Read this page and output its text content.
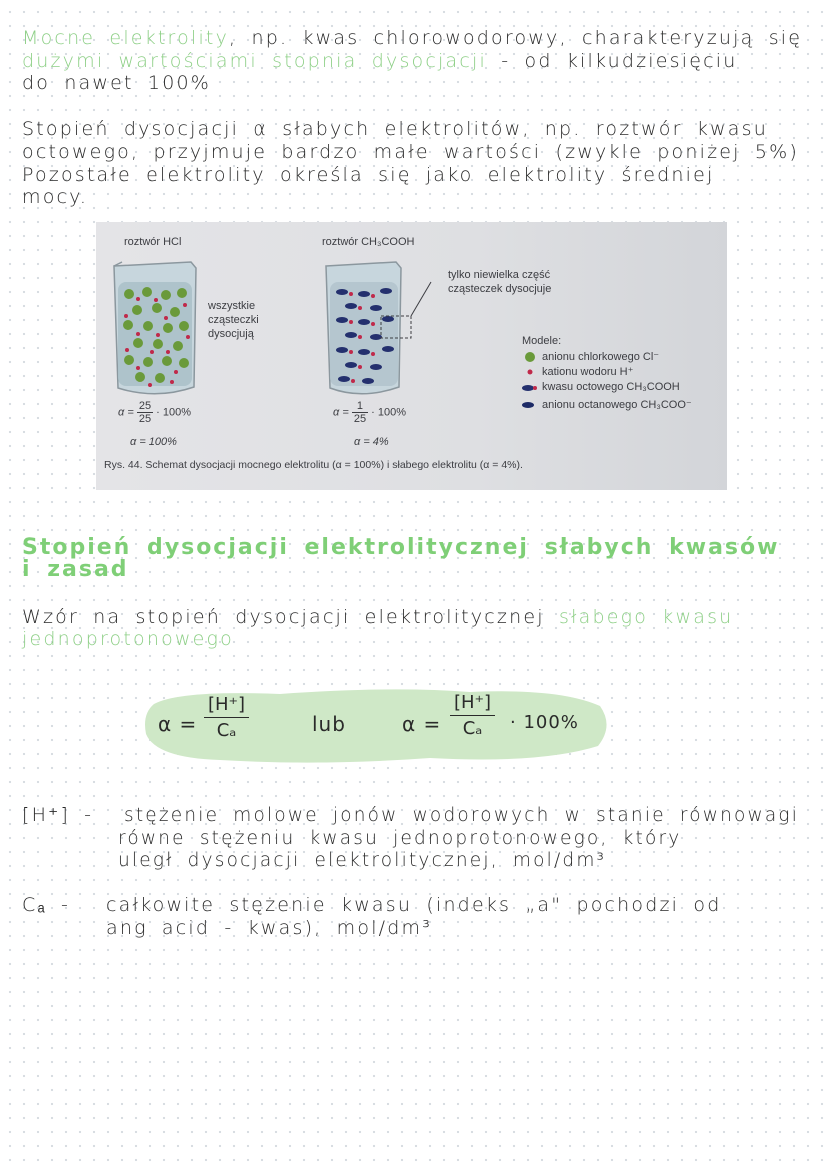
Mocne elektrolity, np. kwas chlorowodorowy, charakteryzują się

dużymi wartościami stopnia dysocjacji - od kilkudziesięciu

do nawet 100%

Stopień dysocjacji α słabych elektrolitów, np. roztwór kwasu

octowego, przyjmuje bardzo małe wartości (zwykle poniżej 5%)

Pozostałe elektrolity określa się jako elektrolity średniej

mocy.

roztwór HCl	roztwór CH₃COOH
wszystkie
cząsteczki
dysocjują
tylko niewielka część
cząsteczek dysocjuje
Modele:
anionu chlorkowego Cl⁻
kationu wodoru H⁺
kwasu octowego CH₃COOH
anionu octanowego CH₃COO⁻
$\alpha = \frac{25}{25} \cdot 100\%$
α = 100%
$\alpha = \frac{1}{25} \cdot 100\%$
α = 4%
Rys. 44. Schemat dysocjacji mocnego elektrolitu (α = 100%) i słabego elektrolitu (α = 4%).

Stopień dysocjacji elektrolitycznej słabych kwasów

i zasad

Wzór na stopień dysocjacji elektrolitycznej słabego kwasu

jednoprotonowego

$\alpha = \frac{[H^+]}{\text{Cₐ}}$	lub	$\alpha = \frac{[H^+]}{\text{Cₐ}} \cdot 100\%$

[H⁺] - stężenie molowe jonów wodorowych w stanie równowagi

równe stężeniu kwasu jednoprotonowego, który

uległ dysocjacji elektrolitycznej, mol/dm³

Cₐ - całkowite stężenie kwasu (indeks „a" pochodzi od

ang acid - kwas), mol/dm³
